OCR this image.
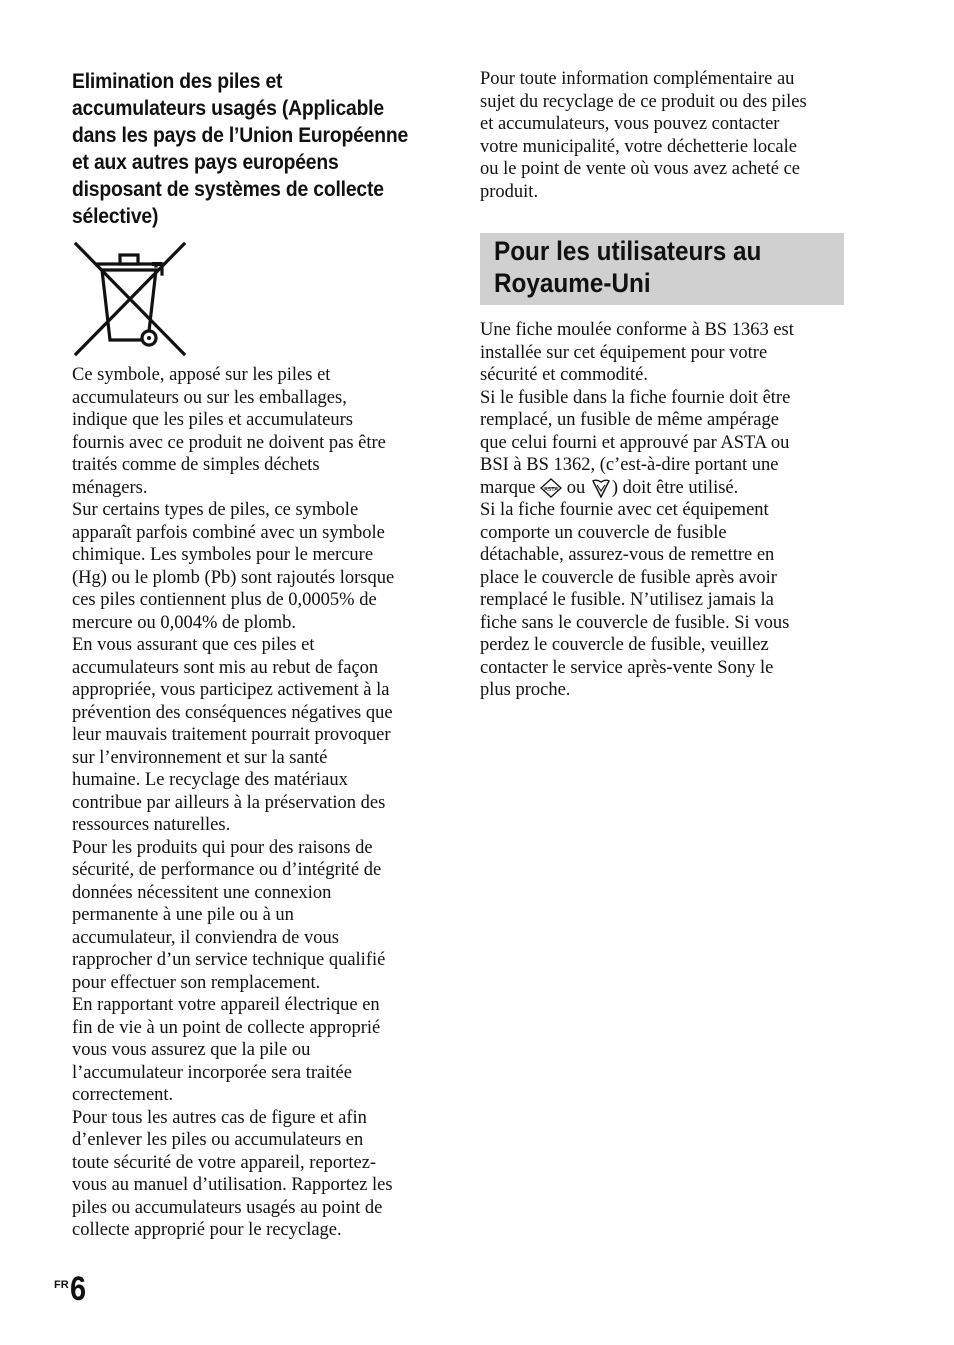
Elimination des piles et
accumulateurs usagés (Applicable
dans les pays de l’Union Européenne
et aux autres pays européens
disposant de systèmes de collecte
sélective)
Ce symbole, apposé sur les piles et
accumulateurs ou sur les emballages,
indique que les piles et accumulateurs
fournis avec ce produit ne doivent pas être
traités comme de simples déchets
ménagers.
Sur certains types de piles, ce symbole
apparaît parfois combiné avec un symbole
chimique. Les symboles pour le mercure
(Hg) ou le plomb (Pb) sont rajoutés lorsque
ces piles contiennent plus de 0,0005% de
mercure ou 0,004% de plomb.
En vous assurant que ces piles et
accumulateurs sont mis au rebut de façon
appropriée, vous participez activement à la
prévention des conséquences négatives que
leur mauvais traitement pourrait provoquer
sur l’environnement et sur la santé
humaine. Le recyclage des matériaux
contribue par ailleurs à la préservation des
ressources naturelles.
Pour les produits qui pour des raisons de
sécurité, de performance ou d’intégrité de
données nécessitent une connexion
permanente à une pile ou à un
accumulateur, il conviendra de vous
rapprocher d’un service technique qualifié
pour effectuer son remplacement.
En rapportant votre appareil électrique en
fin de vie à un point de collecte approprié
vous vous assurez que la pile ou
l’accumulateur incorporée sera traitée
correctement.
Pour tous les autres cas de figure et afin
d’enlever les piles ou accumulateurs en
toute sécurité de votre appareil, reportez-
vous au manuel d’utilisation. Rapportez les
piles ou accumulateurs usagés au point de
collecte approprié pour le recyclage.
Pour toute information complémentaire au
sujet du recyclage de ce produit ou des piles
et accumulateurs, vous pouvez contacter
votre municipalité, votre déchetterie locale
ou le point de vente où vous avez acheté ce
produit.
Pour les utilisateurs au
Royaume-Uni
Une fiche moulée conforme à BS 1363 est
installée sur cet équipement pour votre
sécurité et commodité.
Si le fusible dans la fiche fournie doit être
remplacé, un fusible de même ampérage
que celui fourni et approuvé par ASTA ou
BSI à BS 1362, (c’est-à-dire portant une
marque ASTA ou ) doit être utilisé.
Si la fiche fournie avec cet équipement
comporte un couvercle de fusible
détachable, assurez-vous de remettre en
place le couvercle de fusible après avoir
remplacé le fusible. N’utilisez jamais la
fiche sans le couvercle de fusible. Si vous
perdez le couvercle de fusible, veuillez
contacter le service après-vente Sony le
plus proche.
FR 6
